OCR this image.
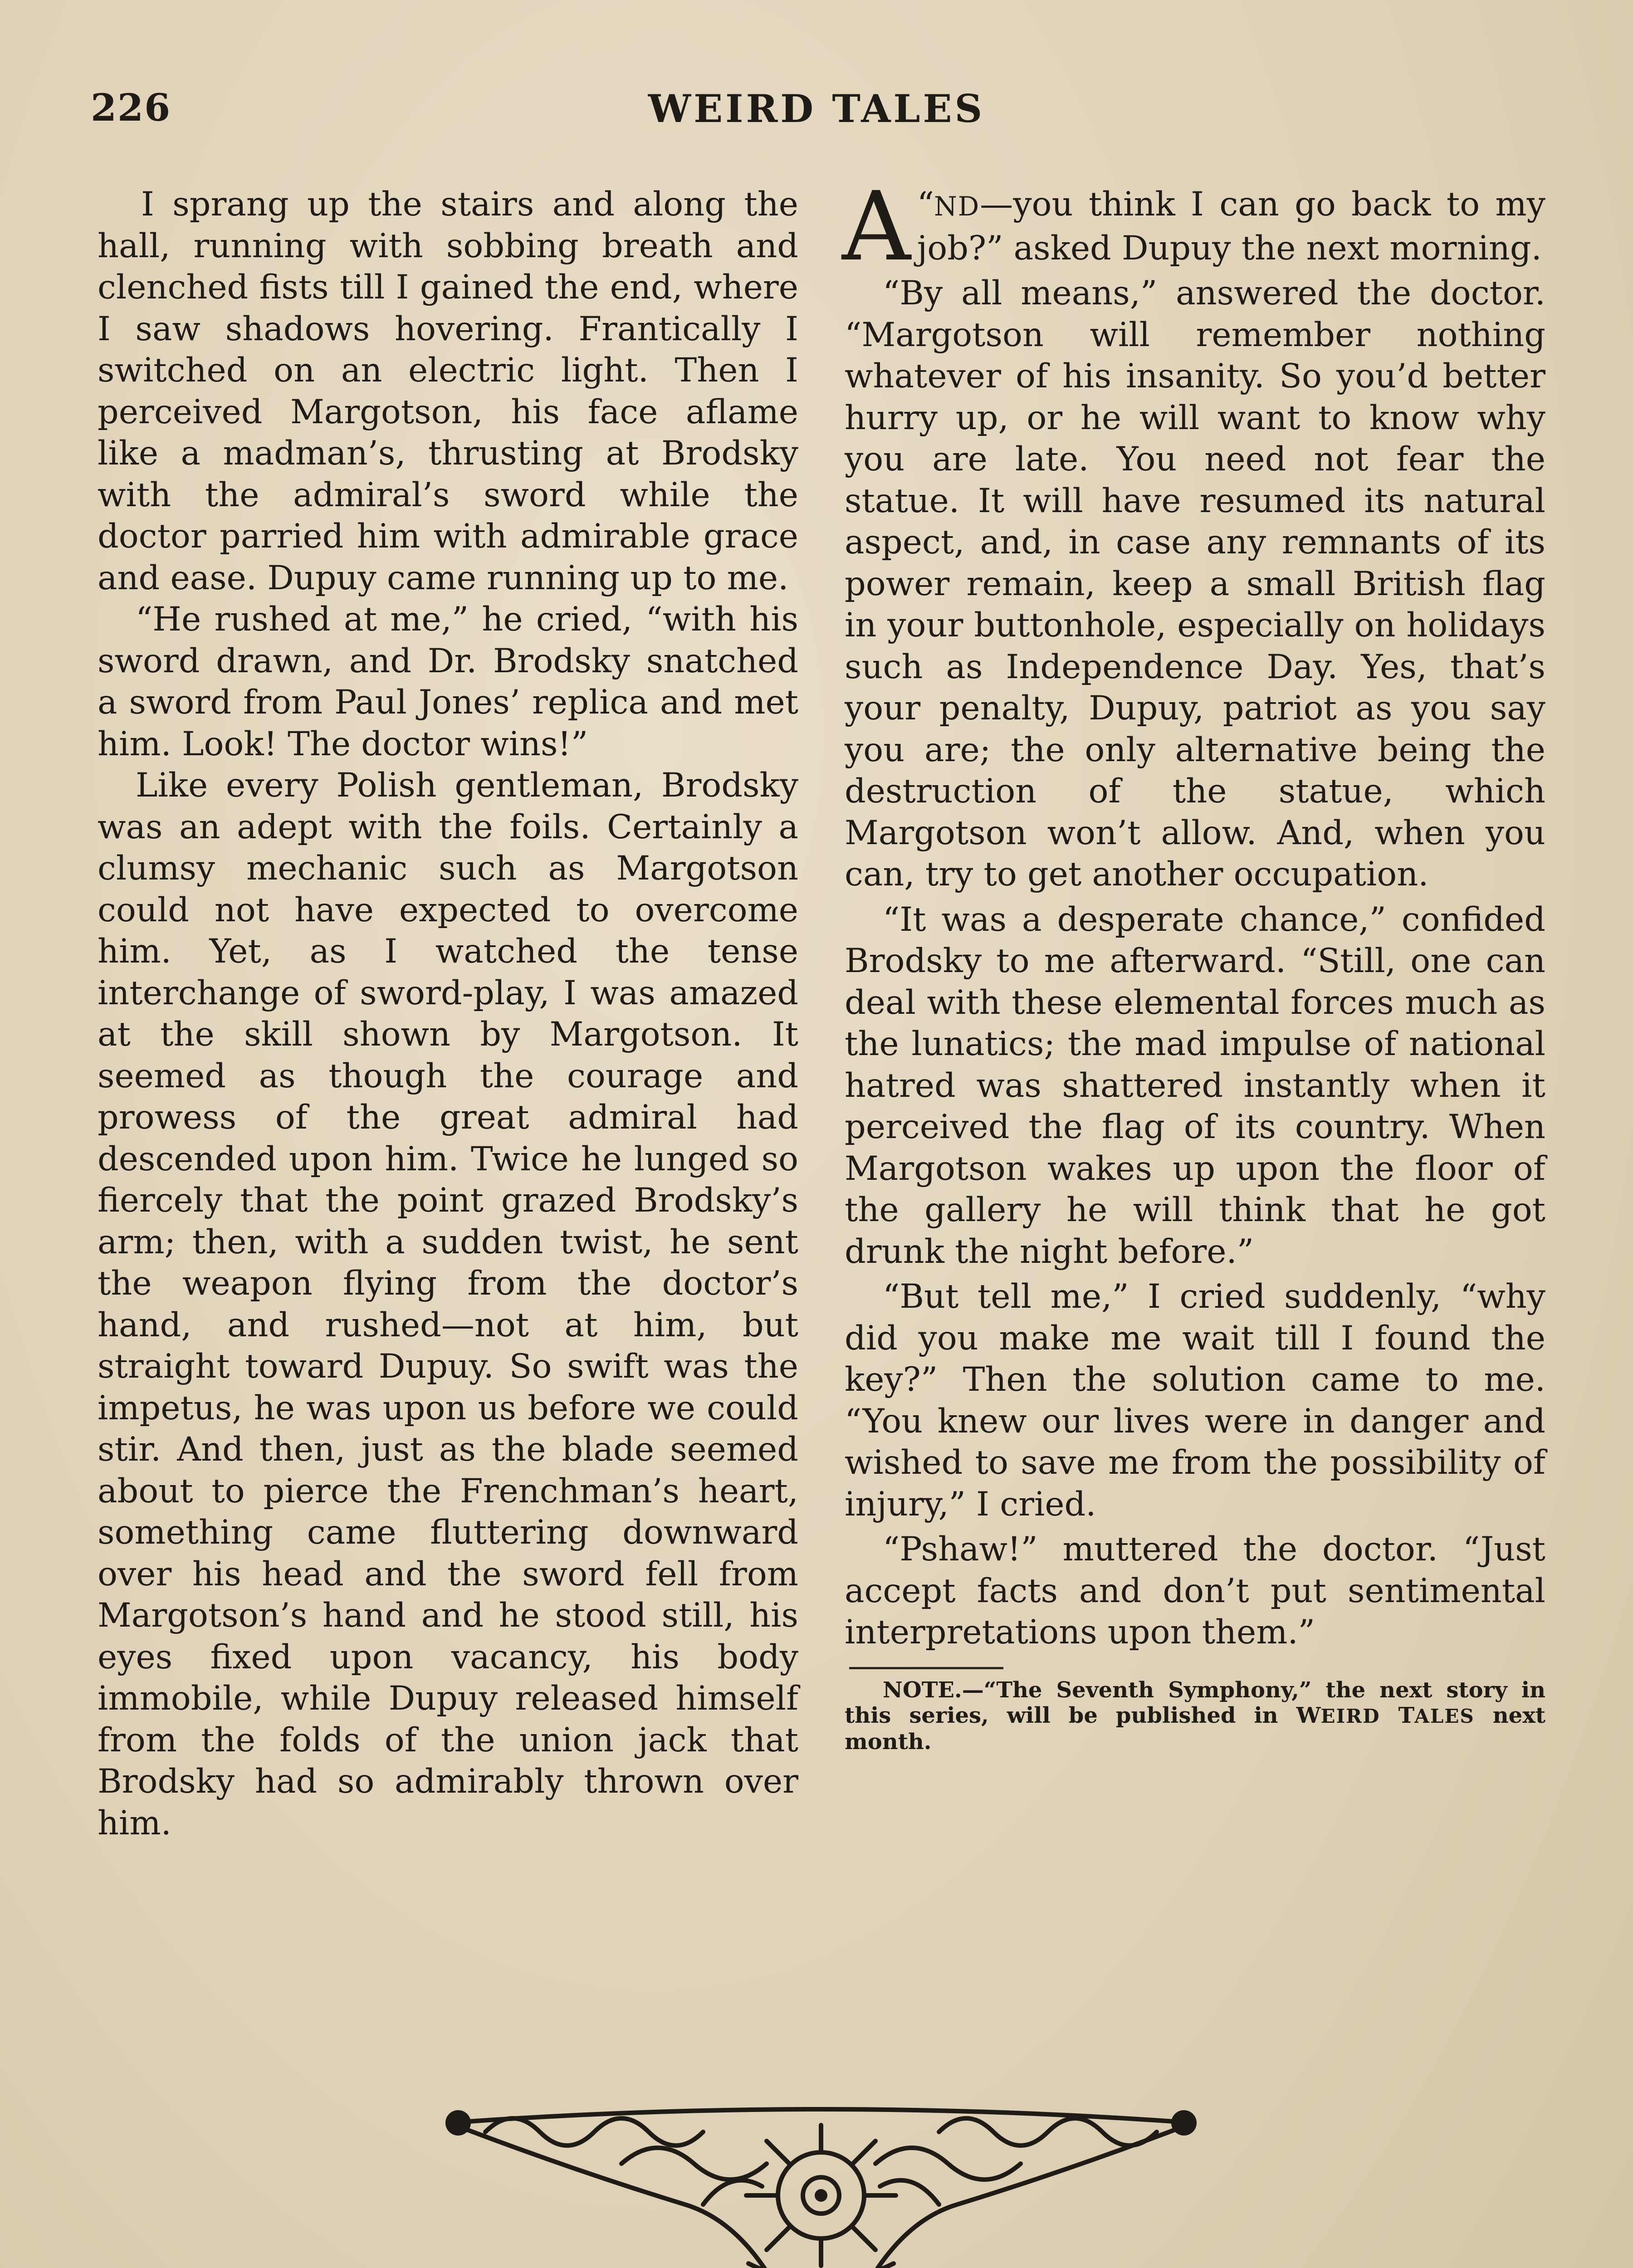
226	WEIRD TALES

I sprang up the stairs and along the hall, running with sobbing breath and clenched fists till I gained the end, where I saw shadows hovering. Frantically I switched on an electric light. Then I perceived Margotson, his face aflame like a madman’s, thrusting at Brodsky with the admiral’s sword while the doctor parried him with admirable grace and ease. Dupuy came running up to me.

“He rushed at me,” he cried, “with his sword drawn, and Dr. Brodsky snatched a sword from Paul Jones’ replica and met him. Look! The doctor wins!”

Like every Polish gentleman, Brodsky was an adept with the foils. Certainly a clumsy mechanic such as Margotson could not have expected to overcome him. Yet, as I watched the tense interchange of sword-play, I was amazed at the skill shown by Margotson. It seemed as though the courage and prowess of the great admiral had descended upon him. Twice he lunged so fiercely that the point grazed Brodsky’s arm; then, with a sudden twist, he sent the weapon flying from the doctor’s hand, and rushed—not at him, but straight toward Dupuy. So swift was the impetus, he was upon us before we could stir. And then, just as the blade seemed about to pierce the Frenchman’s heart, something came fluttering downward over his head and the sword fell from Margotson’s hand and he stood still, his eyes fixed upon vacancy, his body immobile, while Dupuy released himself from the folds of the union jack that Brodsky had so admirably thrown over him.

“
A ND—you think I can go back to my job?” asked Dupuy the next morning.

“By all means,” answered the doctor. “Margotson will remember nothing whatever of his insanity. So you’d better hurry up, or he will want to know why you are late. You need not fear the statue. It will have resumed its natural aspect, and, in case any remnants of its power remain, keep a small British flag in your buttonhole, especially on holidays such as Independence Day. Yes, that’s your penalty, Dupuy, patriot as you say you are; the only alternative being the destruction of the statue, which Margotson won’t allow. And, when you can, try to get another occupation.

“It was a desperate chance,” confided Brodsky to me afterward. “Still, one can deal with these elemental forces much as the lunatics; the mad impulse of national hatred was shattered instantly when it perceived the flag of its country. When Margotson wakes up upon the floor of the gallery he will think that he got drunk the night before.”

“But tell me,” I cried suddenly, “why did you make me wait till I found the key?” Then the solution came to me. “You knew our lives were in danger and wished to save me from the possibility of injury,” I cried.

“Pshaw!” muttered the doctor. “Just accept facts and don’t put sentimental interpretations upon them.”

NOTE.—“The Seventh Symphony,” the next story in this series, will be published in WEIRD TALES next month.
